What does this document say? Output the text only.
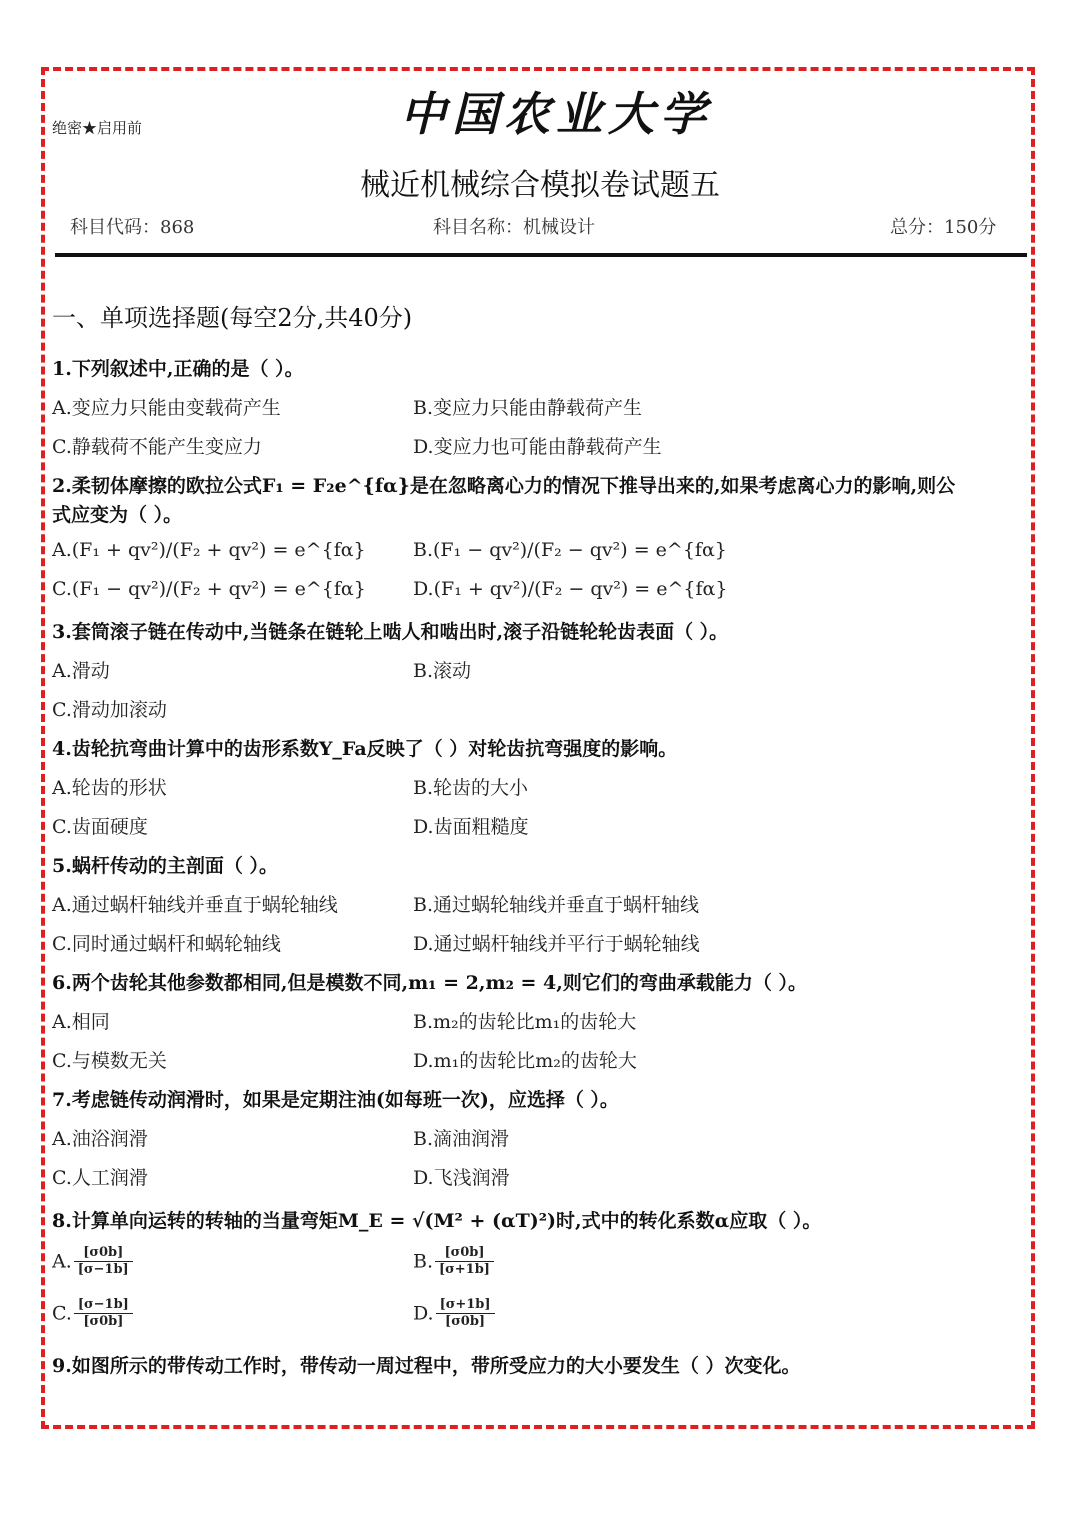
中国农业大学
绝密★启用前
械近机械综合模拟卷试题五
科目代码：868	科目名称：机械设计	总分：150分
一、单项选择题(每空2分,共40分)
1.下列叙述中,正确的是（ ）。
A.变应力只能由变载荷产生	B.变应力只能由静载荷产生
C.静载荷不能产生变应力	D.变应力也可能由静载荷产生
2.柔韧体摩擦的欧拉公式F₁ = F₂e^{fα}是在忽略离心力的情况下推导出来的,如果考虑离心力的影响,则公
式应变为（ ）。
A.(F₁ + qv²)/(F₂ + qv²) = e^{fα} B.(F₁ − qv²)/(F₂ − qv²) = e^{fα}
C.(F₁ − qv²)/(F₂ + qv²) = e^{fα} D.(F₁ + qv²)/(F₂ − qv²) = e^{fα}
3.套筒滚子链在传动中,当链条在链轮上啮人和啮出时,滚子沿链轮轮齿表面（ ）。
A.滑动	B.滚动
C.滑动加滚动
4.齿轮抗弯曲计算中的齿形系数Y_Fa反映了（ ）对轮齿抗弯强度的影响。
A.轮齿的形状	B.轮齿的大小
C.齿面硬度	D.齿面粗糙度
5.蜗杆传动的主剖面（ ）。
A.通过蜗杆轴线并垂直于蜗轮轴线	B.通过蜗轮轴线并垂直于蜗杆轴线
C.同时通过蜗杆和蜗轮轴线	D.通过蜗杆轴线并平行于蜗轮轴线
6.两个齿轮其他参数都相同,但是模数不同,m₁ = 2,m₂ = 4,则它们的弯曲承载能力（ ）。
A.相同	B.m₂的齿轮比m₁的齿轮大
C.与模数无关	D.m₁的齿轮比m₂的齿轮大
7.考虑链传动润滑时，如果是定期注油(如每班一次)，应选择（ ）。
A.油浴润滑	B.滴油润滑
C.人工润滑	D.飞浅润滑
8.计算单向运转的转轴的当量弯矩M_E = √(M² + (αT)²)时,式中的转化系数α应取（ ）。
A. $\frac{[\sigma 0b]}{[\sigma-1b]}$	B. $\frac{[\sigma 0b]}{[\sigma+1b]}$
C. $\frac{[\sigma-1b]}{[\sigma 0b]}$	D. $\frac{[\sigma+1b]}{[\sigma 0b]}$
9.如图所示的带传动工作时，带传动一周过程中，带所受应力的大小要发生（ ）次变化。
